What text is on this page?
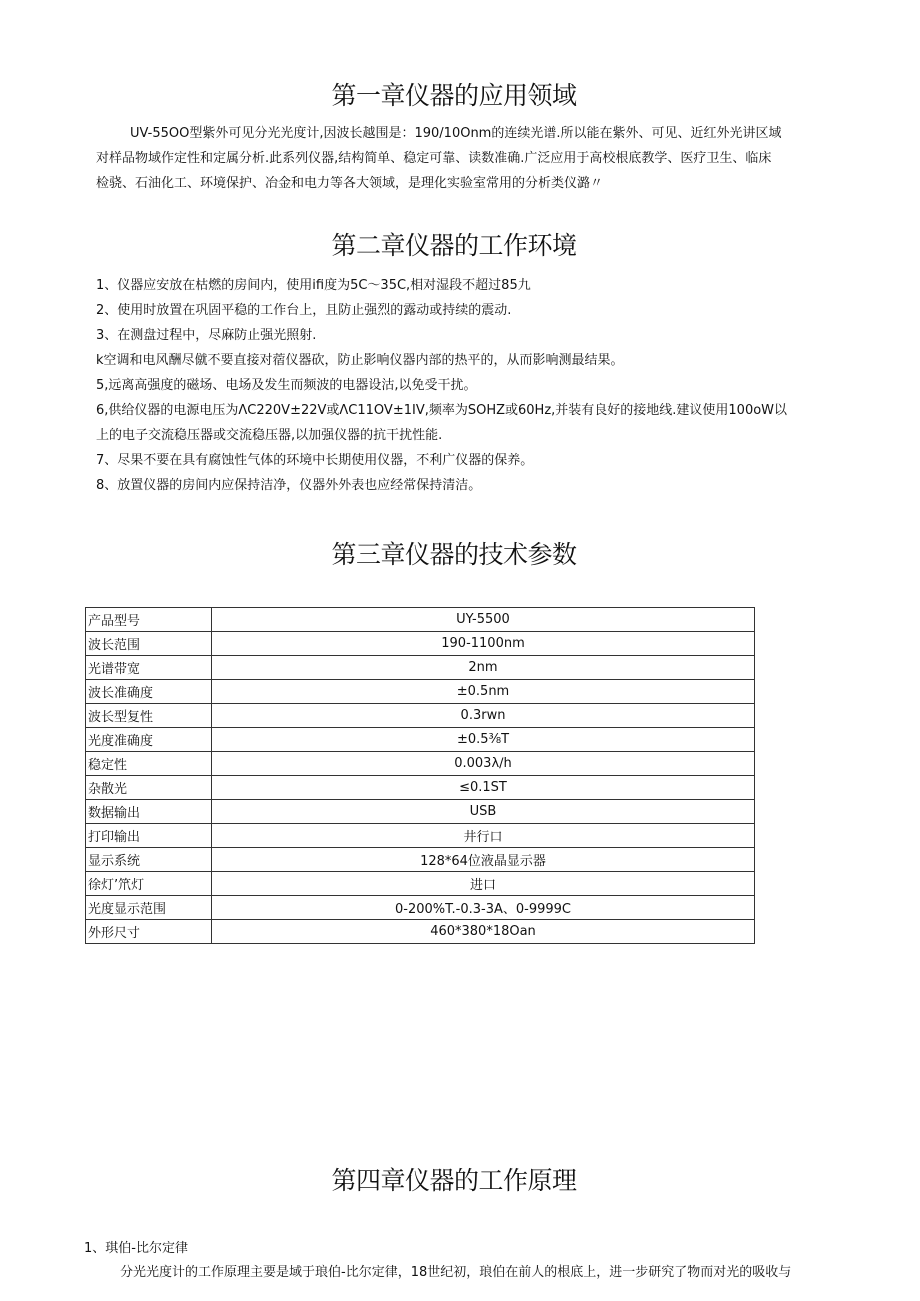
第一章仪器的应用领域
UV-55OO型紫外可见分光光度计,因波长越围是：190/10Onm的连续光谱.所以能在紫外、可见、近红外光讲区域
对样品物域作定性和定属分析.此系列仪器,结构简单、稳定可靠、读数准确.广泛应用于高校根底教学、医疗卫生、临床
检骁、石油化工、环境保护、冶金和电力等各大领域，是理化实验室常用的分析类仪潞〃
第二章仪器的工作环境
1、仪器应安放在枯燃的房间内，使用ifi度为5C～35C,相对湿段不超过85九
2、使用时放置在巩固平稳的工作台上，且防止强烈的露动或持续的震动.
3、在测盘过程中，尽麻防止强光照射.
k空调和电风酬尽僦不要直接对蓿仪器砍，防止影响仪器内部的热平的，从而影响测最结果。
5,远离高强度的磁场、电场及发生而频波的电器设沽,以免受干扰。
6,供给仪器的电源电压为ΛC220V±22V或ΛC11OV±1IV,频率为SOHZ或60Hz,并装有良好的接地线.建议使用100oW以
上的电子交流稳压器或交流稳压器,以加强仪器的抗干扰性能.
7、尽果不要在具有腐蚀性气体的环境中长期使用仪器，不利广仪器的保养。
8、放置仪器的房间内应保持洁净，仪器外外表也应经常保持清洁。
第三章仪器的技术参数
产品型号	UY-5500
波长范围	190-1100nm
光谱带宽	2nm
波长准确度	±0.5nm
波长型复性	0.3rwn
光度准确度	±0.5⅜T
稳定性	0.003λ∕h
杂散光	≤0.1ST
数据输出	USB
打印输出	井行口
显示系统	128*64位液晶显示器
徐灯’笊灯	进口
光度显示范围	0-200%T.-0.3-3A、0-9999C
外形尺寸	460*380*18Oan
第四章仪器的工作原理
1、琪伯-比尔定律
分光光度计的工作原理主要是域于琅伯-比尔定律，18世纪初，琅伯在前人的根底上，进一步研究了物而对光的吸收与
